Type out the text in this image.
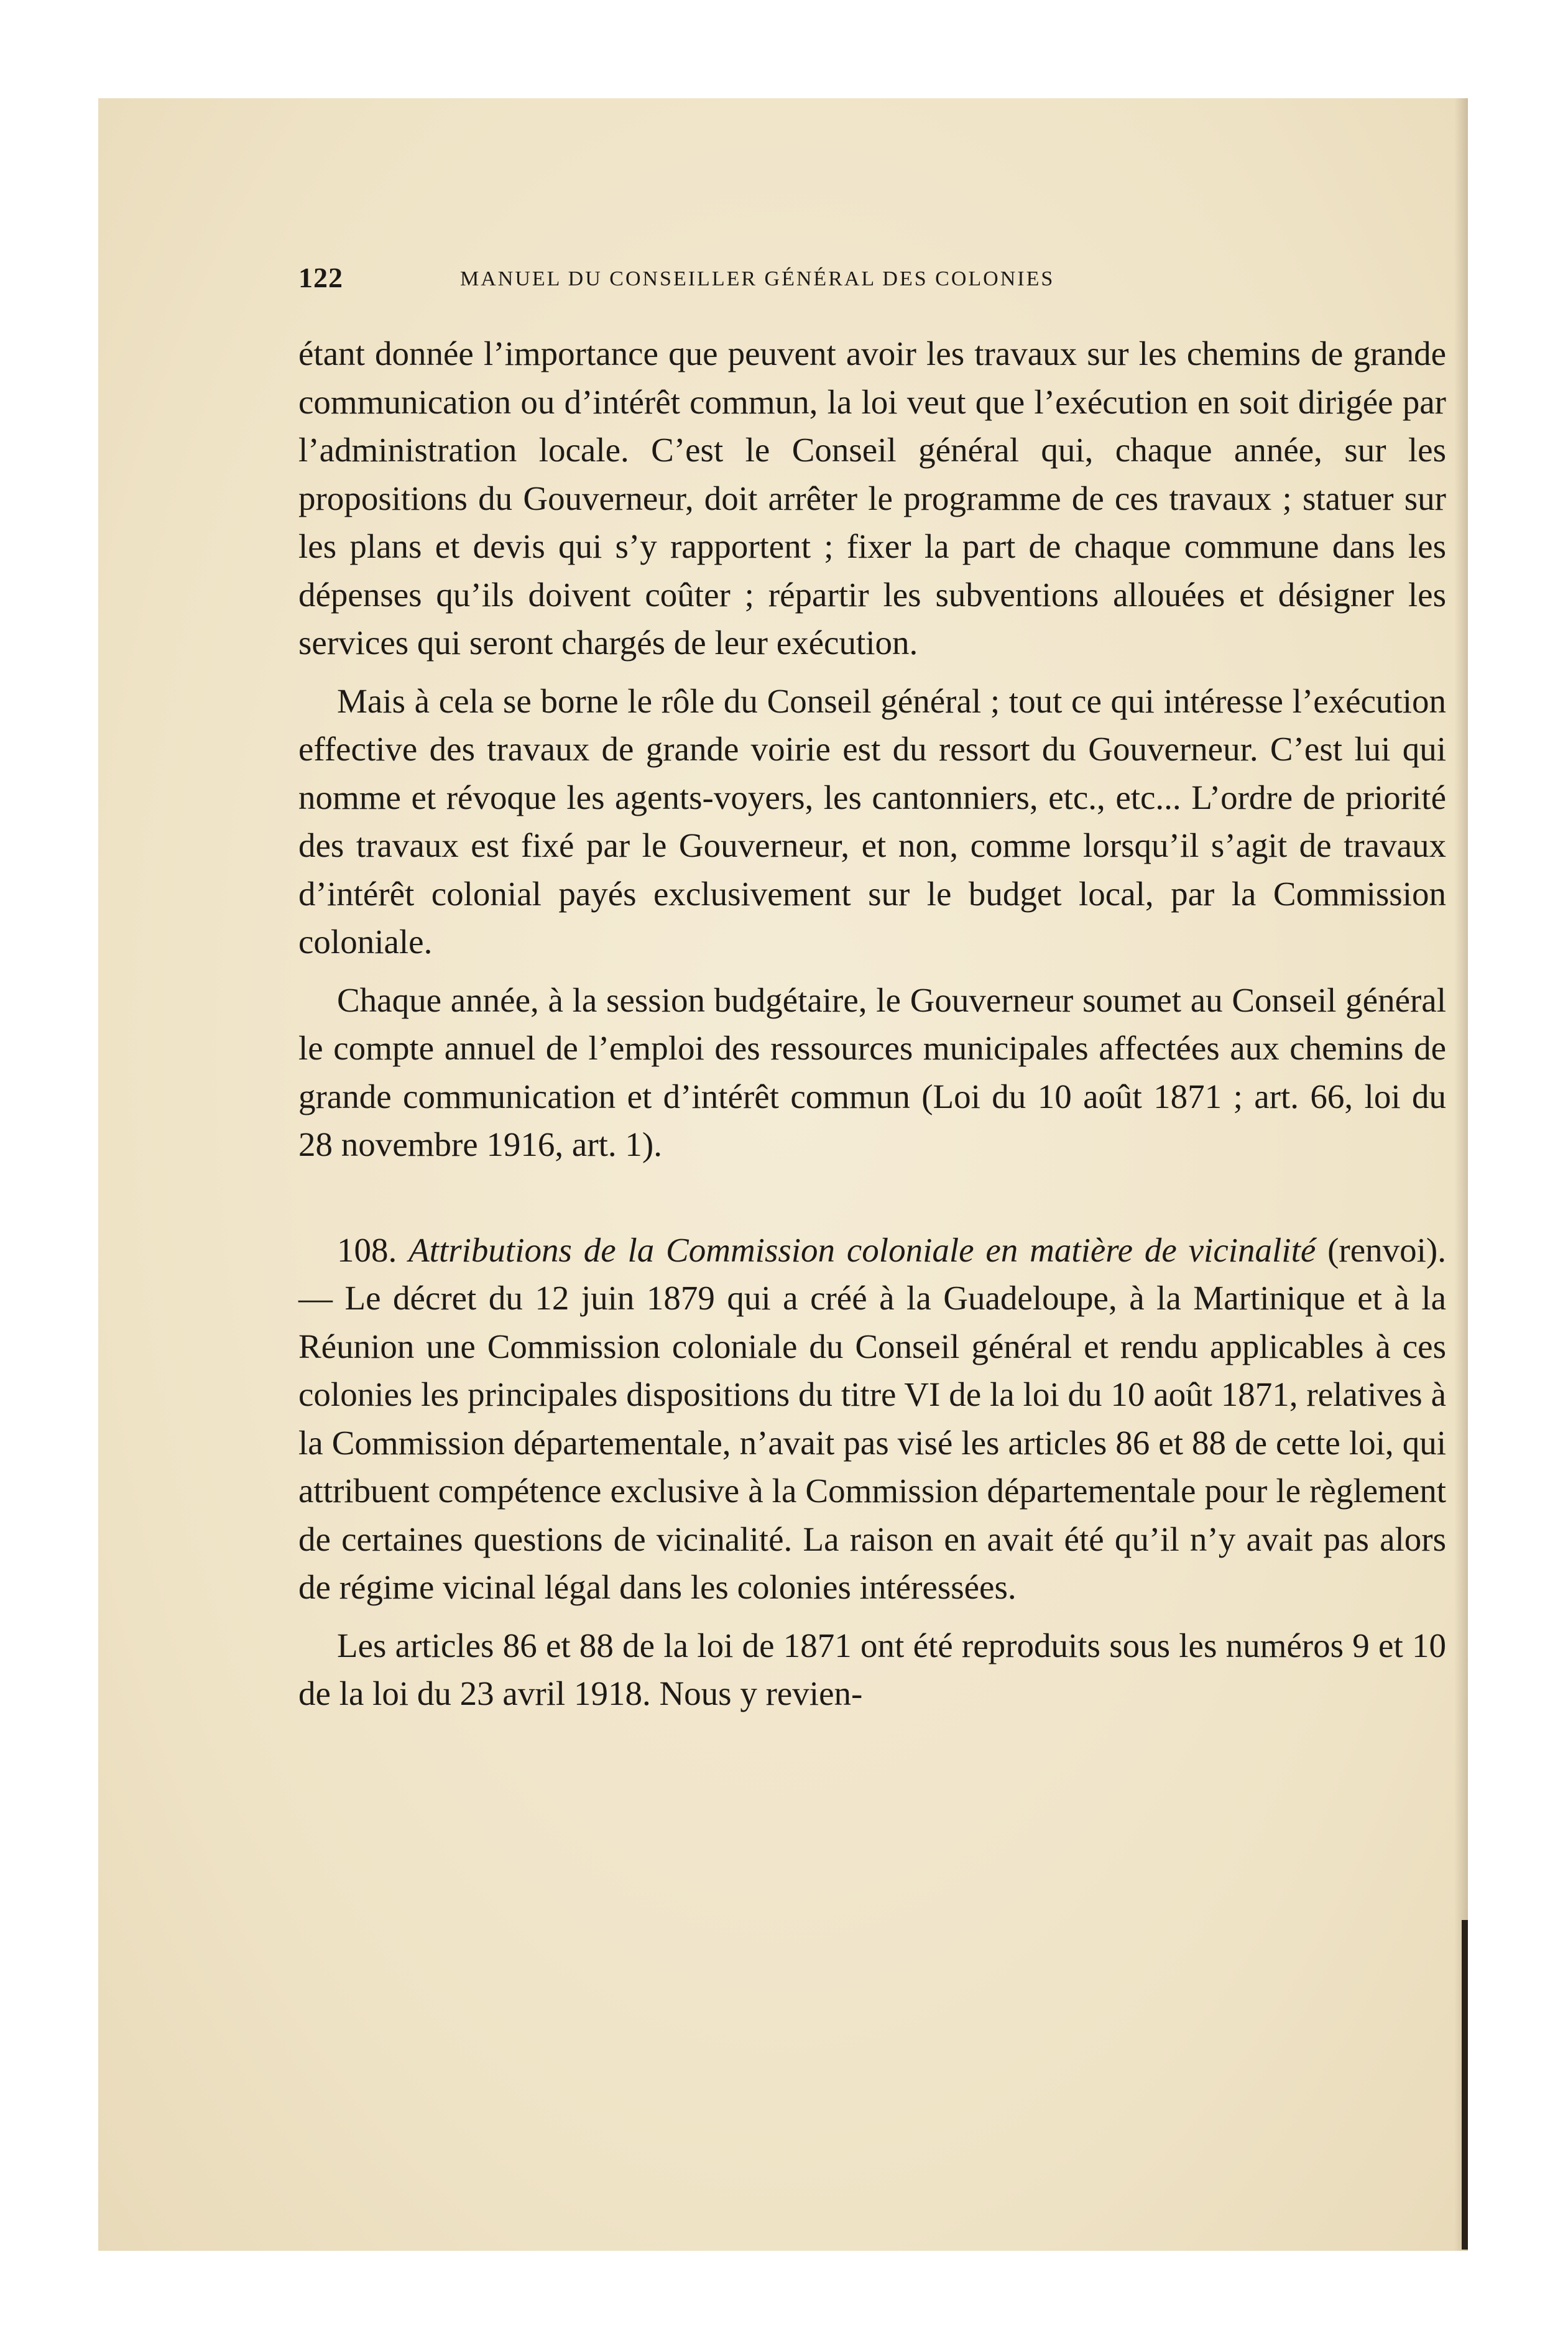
122	MANUEL DU CONSEILLER GÉNÉRAL DES COLONIES

étant donnée l’importance que peuvent avoir les travaux sur les chemins de grande communication ou d’intérêt commun, la loi veut que l’exécution en soit dirigée par l’administration locale. C’est le Conseil général qui, chaque année, sur les propositions du Gouverneur, doit arrêter le programme de ces travaux ; statuer sur les plans et devis qui s’y rapportent ; fixer la part de chaque commune dans les dépenses qu’ils doivent coûter ; répartir les subventions allouées et désigner les services qui seront chargés de leur exécution.

Mais à cela se borne le rôle du Conseil général ; tout ce qui intéresse l’exécution effective des travaux de grande voirie est du ressort du Gouverneur. C’est lui qui nomme et révoque les agents-voyers, les cantonniers, etc., etc... L’ordre de priorité des travaux est fixé par le Gouverneur, et non, comme lorsqu’il s’agit de travaux d’intérêt colonial payés exclusivement sur le budget local, par la Commission coloniale.

Chaque année, à la session budgétaire, le Gouverneur soumet au Conseil général le compte annuel de l’emploi des ressources municipales affectées aux chemins de grande communication et d’intérêt commun (Loi du 10 août 1871 ; art. 66, loi du 28 novembre 1916, art. 1).

108. Attributions de la Commission coloniale en matière de vicinalité (renvoi). — Le décret du 12 juin 1879 qui a créé à la Guadeloupe, à la Martinique et à la Réunion une Commission coloniale du Conseil général et rendu applicables à ces colonies les principales dispositions du titre VI de la loi du 10 août 1871, relatives à la Commission départementale, n’avait pas visé les articles 86 et 88 de cette loi, qui attribuent compétence exclusive à la Commission départementale pour le règlement de certaines questions de vicinalité. La raison en avait été qu’il n’y avait pas alors de régime vicinal légal dans les colonies intéressées.

Les articles 86 et 88 de la loi de 1871 ont été reproduits sous les numéros 9 et 10 de la loi du 23 avril 1918. Nous y revien-
